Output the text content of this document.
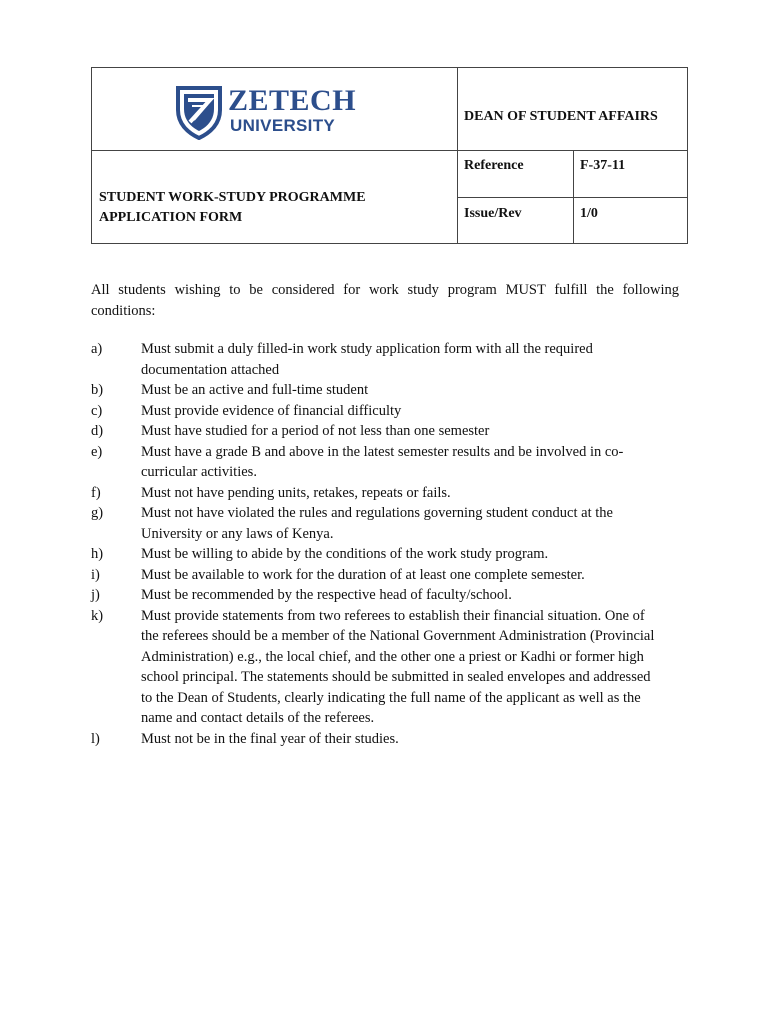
ZETECH
UNIVERSITY	DEAN OF STUDENT AFFAIRS
Reference	F-37-11
Issue/Rev	1/0
STUDENT WORK-STUDY PROGRAMME
APPLICATION FORM
All students wishing to be considered for work study program MUST fulfill the following conditions:
a)	Must submit a duly filled-in work study application form with all the required documentation attached
b)	Must be an active and full-time student
c)	Must provide evidence of financial difficulty
d)	Must have studied for a period of not less than one semester
e)	Must have a grade B and above in the latest semester results and be involved in co-curricular activities.
f)	Must not have pending units, retakes, repeats or fails.
g)	Must not have violated the rules and regulations governing student conduct at the University or any laws of Kenya.
h)	Must be willing to abide by the conditions of the work study program.
i)	Must be available to work for the duration of at least one complete semester.
j)	Must be recommended by the respective head of faculty/school.
k)	Must provide statements from two referees to establish their financial situation. One of the referees should be a member of the National Government Administration (Provincial Administration) e.g., the local chief, and the other one a priest or Kadhi or former high school principal. The statements should be submitted in sealed envelopes and addressed to the Dean of Students, clearly indicating the full name of the applicant as well as the name and contact details of the referees.
l)	Must not be in the final year of their studies.
